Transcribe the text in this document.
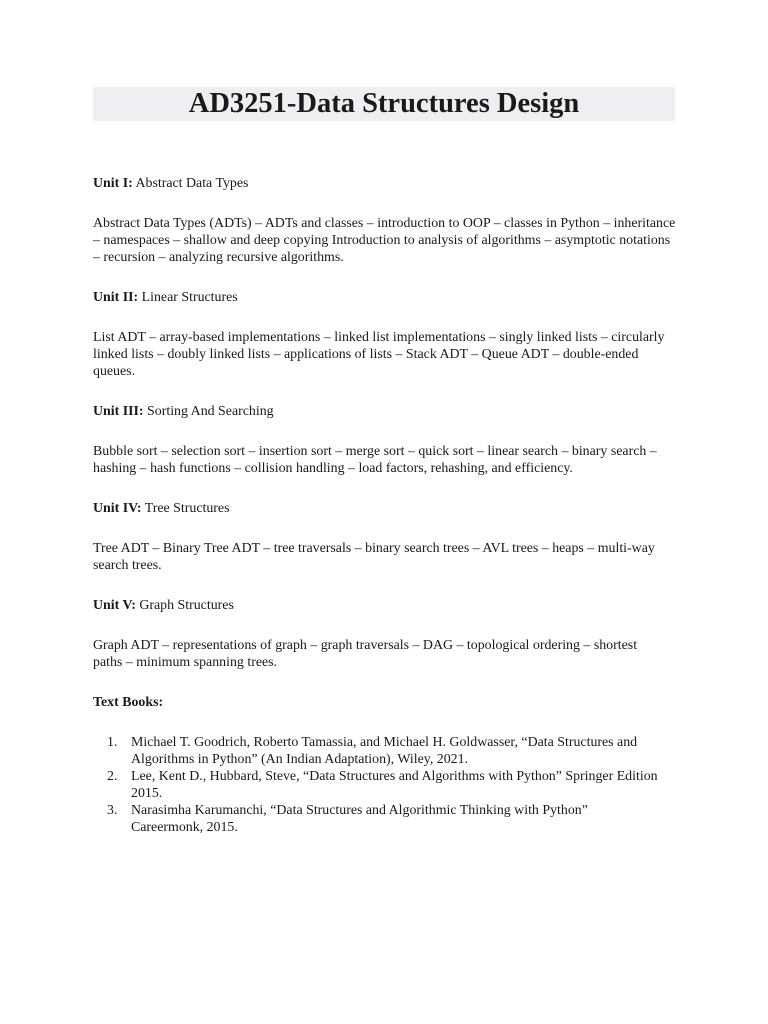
AD3251-Data Structures Design

Unit I: Abstract Data Types

Abstract Data Types (ADTs) – ADTs and classes – introduction to OOP – classes in Python – inheritance – namespaces – shallow and deep copying Introduction to analysis of algorithms – asymptotic notations – recursion – analyzing recursive algorithms.

Unit II: Linear Structures

List ADT – array-based implementations – linked list implementations – singly linked lists – circularly linked lists – doubly linked lists – applications of lists – Stack ADT – Queue ADT – double-ended queues.

Unit III: Sorting And Searching

Bubble sort – selection sort – insertion sort – merge sort – quick sort – linear search – binary search – hashing – hash functions – collision handling – load factors, rehashing, and efficiency.

Unit IV: Tree Structures

Tree ADT – Binary Tree ADT – tree traversals – binary search trees – AVL trees – heaps – multi-way search trees.

Unit V: Graph Structures

Graph ADT – representations of graph – graph traversals – DAG – topological ordering – shortest paths – minimum spanning trees.

Text Books:

1. Michael T. Goodrich, Roberto Tamassia, and Michael H. Goldwasser, “Data Structures and Algorithms in Python” (An Indian Adaptation), Wiley, 2021.
2. Lee, Kent D., Hubbard, Steve, “Data Structures and Algorithms with Python” Springer Edition 2015.
3. Narasimha Karumanchi, “Data Structures and Algorithmic Thinking with Python” Careermonk, 2015.
